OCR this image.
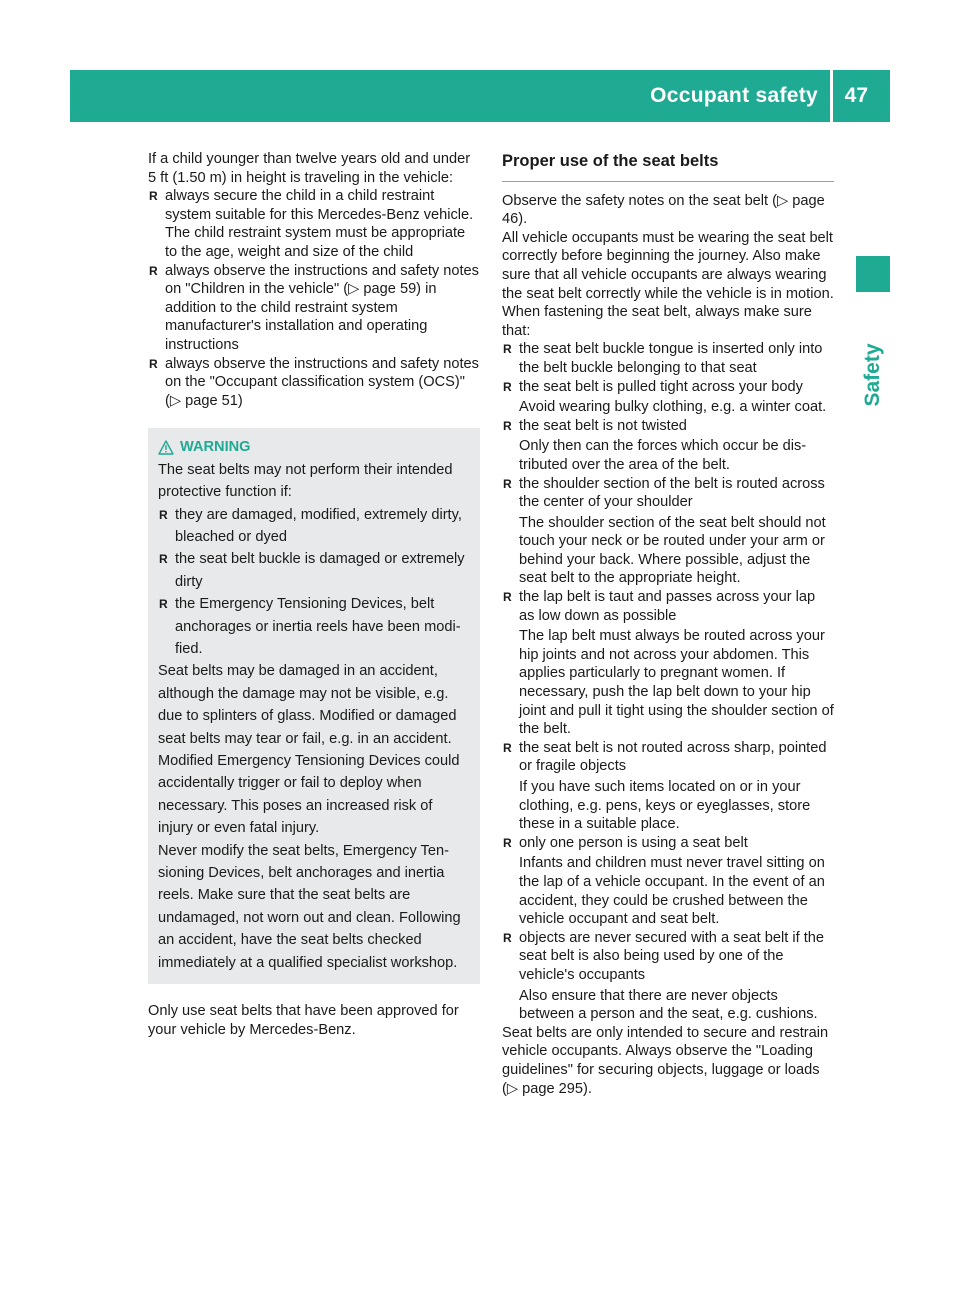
Occupant safety 47
Safety

If a child younger than twelve years old and under 5 ft (1.50 m) in height is traveling in the vehicle:

R always secure the child in a child restraint system suitable for this Mercedes-Benz vehicle. The child restraint system must be appropriate to the age, weight and size of the child
R always observe the instructions and safety notes on "Children in the vehicle" (▷ page 59) in addition to the child restraint system manufacturer's installation and operating instructions
R always observe the instructions and safety notes on the "Occupant classification system (OCS)" (▷ page 51)
WARNING

The seat belts may not perform their intended protective function if:

R they are damaged, modified, extremely dirty, bleached or dyed
R the seat belt buckle is damaged or extremely dirty
R the Emergency Tensioning Devices, belt anchorages or inertia reels have been modified.

Seat belts may be damaged in an accident, although the damage may not be visible, e.g. due to splinters of glass. Modified or damaged seat belts may tear or fail, e.g. in an accident. Modified Emergency Tensioning Devices could accidentally trigger or fail to deploy when necessary. This poses an increased risk of injury or even fatal injury.

Never modify the seat belts, Emergency Tensioning Devices, belt anchorages and inertia reels. Make sure that the seat belts are undamaged, not worn out and clean. Following an accident, have the seat belts checked immediately at a qualified specialist workshop.

Only use seat belts that have been approved for your vehicle by Mercedes-Benz.

Proper use of the seat belts

Observe the safety notes on the seat belt (▷ page 46).

All vehicle occupants must be wearing the seat belt correctly before beginning the journey. Also make sure that all vehicle occupants are always wearing the seat belt correctly while the vehicle is in motion.

When fastening the seat belt, always make sure that:

R the seat belt buckle tongue is inserted only into the belt buckle belonging to that seat
R the seat belt is pulled tight across your body
Avoid wearing bulky clothing, e.g. a winter coat.
R the seat belt is not twisted
Only then can the forces which occur be distributed over the area of the belt.
R the shoulder section of the belt is routed across the center of your shoulder
The shoulder section of the seat belt should not touch your neck or be routed under your arm or behind your back. Where possible, adjust the seat belt to the appropriate height.
R the lap belt is taut and passes across your lap as low down as possible
The lap belt must always be routed across your hip joints and not across your abdomen. This applies particularly to pregnant women. If necessary, push the lap belt down to your hip joint and pull it tight using the shoulder section of the belt.
R the seat belt is not routed across sharp, pointed or fragile objects
If you have such items located on or in your clothing, e.g. pens, keys or eyeglasses, store these in a suitable place.
R only one person is using a seat belt
Infants and children must never travel sitting on the lap of a vehicle occupant. In the event of an accident, they could be crushed between the vehicle occupant and seat belt.
R objects are never secured with a seat belt if the seat belt is also being used by one of the vehicle's occupants
Also ensure that there are never objects between a person and the seat, e.g. cushions.

Seat belts are only intended to secure and restrain vehicle occupants. Always observe the "Loading guidelines" for securing objects, luggage or loads (▷ page 295).
